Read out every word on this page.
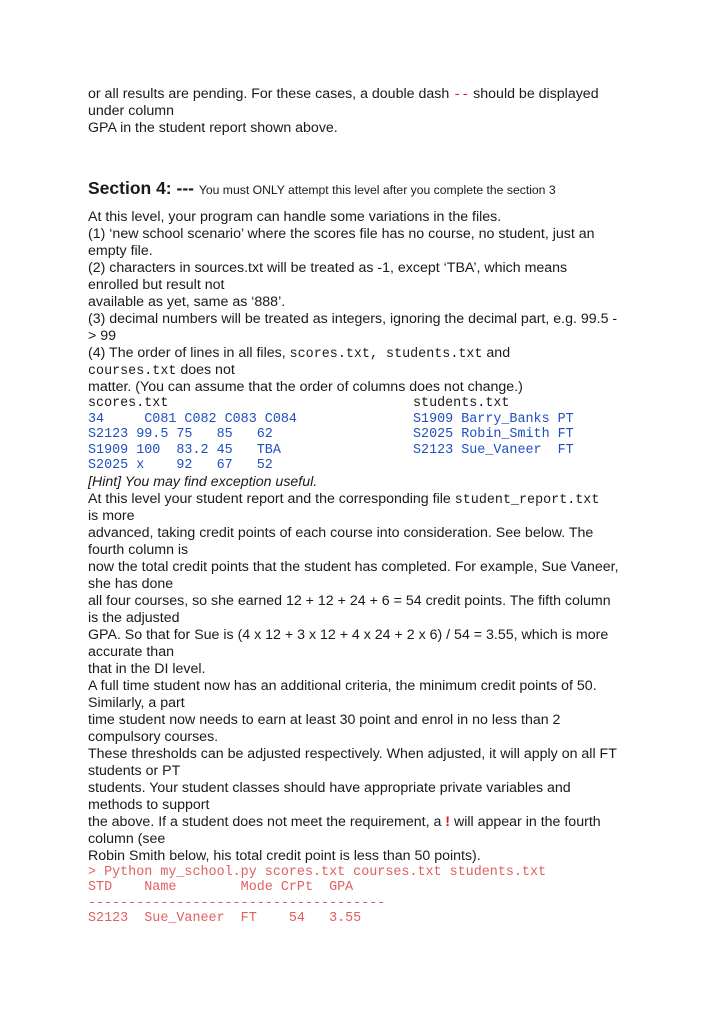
or all results are pending. For these cases, a double dash -- should be displayed
under column
GPA in the student report shown above.
Section 4: --- You must ONLY attempt this level after you complete the section 3
At this level, your program can handle some variations in the files.
(1) ‘new school scenario’ where the scores file has no course, no student, just an
empty file.
(2) characters in sources.txt will be treated as -1, except ‘TBA’, which means
enrolled but result not
available as yet, same as ‘888’.
(3) decimal numbers will be treated as integers, ignoring the decimal part, e.g. 99.5 -
> 99
(4) The order of lines in all files, scores.txt, students.txt and
courses.txt does not
matter. (You can assume that the order of columns does not change.)
scores.txt	students.txt
34     C081 C082 C083 C084	S1909 Barry_Banks PT
S2123 99.5 75   85   62	S2025 Robin_Smith FT
S1909 100  83.2 45   TBA	S2123 Sue_Vaneer  FT
S2025 x    92   67   52
[Hint] You may find exception useful.
At this level your student report and the corresponding file student_report.txt
is more
advanced, taking credit points of each course into consideration. See below. The
fourth column is
now the total credit points that the student has completed. For example, Sue Vaneer,
she has done
all four courses, so she earned 12 + 12 + 24 + 6 = 54 credit points. The fifth column
is the adjusted
GPA. So that for Sue is (4 x 12 + 3 x 12 + 4 x 24 + 2 x 6) / 54 = 3.55, which is more
accurate than
that in the DI level.
A full time student now has an additional criteria, the minimum credit points of 50.
Similarly, a part
time student now needs to earn at least 30 point and enrol in no less than 2
compulsory courses.
These thresholds can be adjusted respectively. When adjusted, it will apply on all FT
students or PT
students. Your student classes should have appropriate private variables and
methods to support
the above. If a student does not meet the requirement, a ! will appear in the fourth
column (see
Robin Smith below, his total credit point is less than 50 points).
> Python my_school.py scores.txt courses.txt students.txt
STD    Name        Mode CrPt  GPA
-------------------------------------
S2123  Sue_Vaneer  FT    54   3.55
